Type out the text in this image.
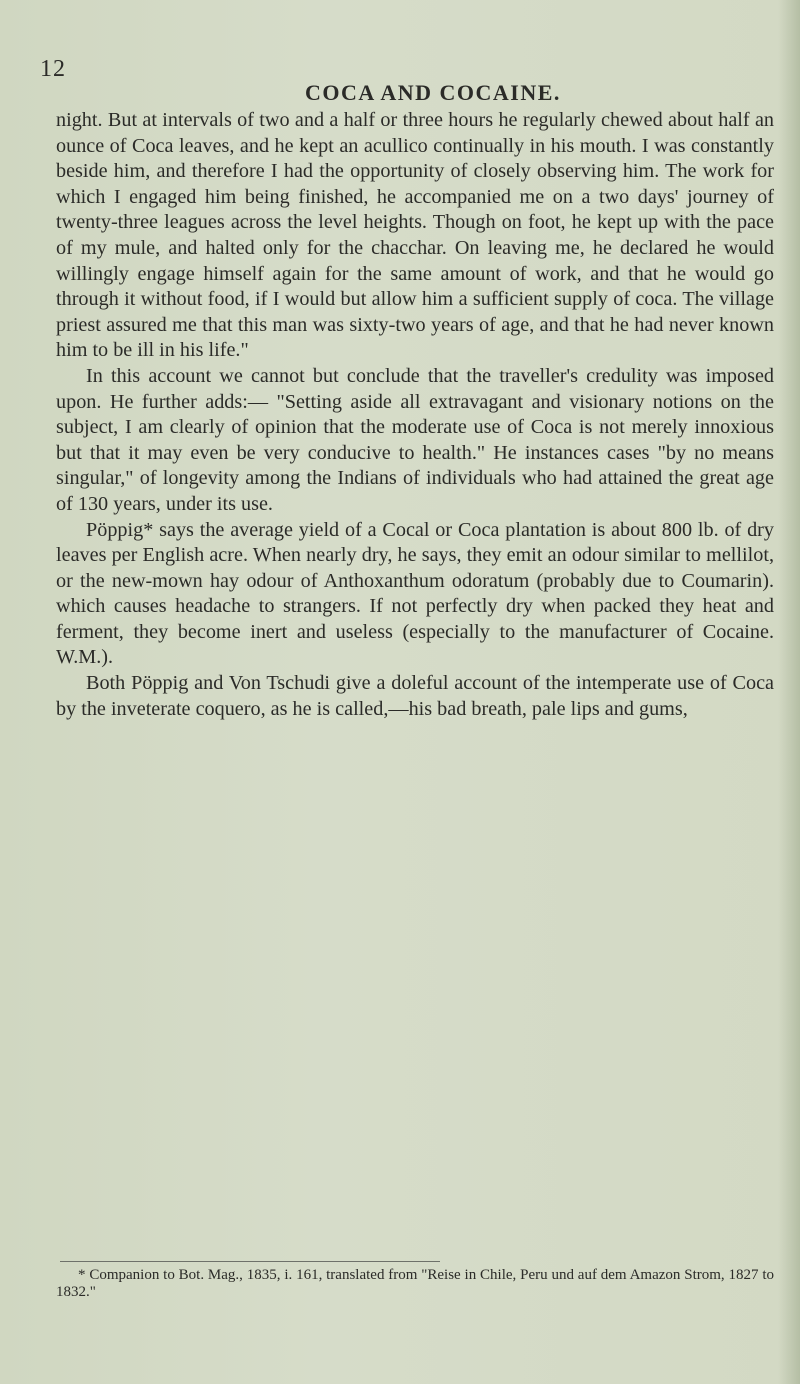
12
COCA AND COCAINE.

night. But at intervals of two and a half or three hours he regularly chewed about half an ounce of Coca leaves, and he kept an acullico continually in his mouth. I was constantly beside him, and therefore I had the opportunity of closely observing him. The work for which I engaged him being finished, he accompanied me on a two days' journey of twenty-three leagues across the level heights. Though on foot, he kept up with the pace of my mule, and halted only for the chacchar. On leaving me, he declared he would willingly engage himself again for the same amount of work, and that he would go through it without food, if I would but allow him a sufficient supply of coca. The village priest assured me that this man was sixty-two years of age, and that he had never known him to be ill in his life."

In this account we cannot but conclude that the traveller's credulity was imposed upon. He further adds:— "Setting aside all extravagant and visionary notions on the subject, I am clearly of opinion that the moderate use of Coca is not merely innoxious but that it may even be very conducive to health." He instances cases "by no means singular," of longevity among the Indians of individuals who had attained the great age of 130 years, under its use.

Pöppig* says the average yield of a Cocal or Coca plantation is about 800 lb. of dry leaves per English acre. When nearly dry, he says, they emit an odour similar to mellilot, or the new-mown hay odour of Anthoxanthum odoratum (probably due to Coumarin). which causes headache to strangers. If not perfectly dry when packed they heat and ferment, they become inert and useless (especially to the manufacturer of Cocaine. W.M.).

Both Pöppig and Von Tschudi give a doleful account of the intemperate use of Coca by the inveterate coquero, as he is called,—his bad breath, pale lips and gums,

* Companion to Bot. Mag., 1835, i. 161, translated from "Reise in Chile, Peru und auf dem Amazon Strom, 1827 to 1832."
